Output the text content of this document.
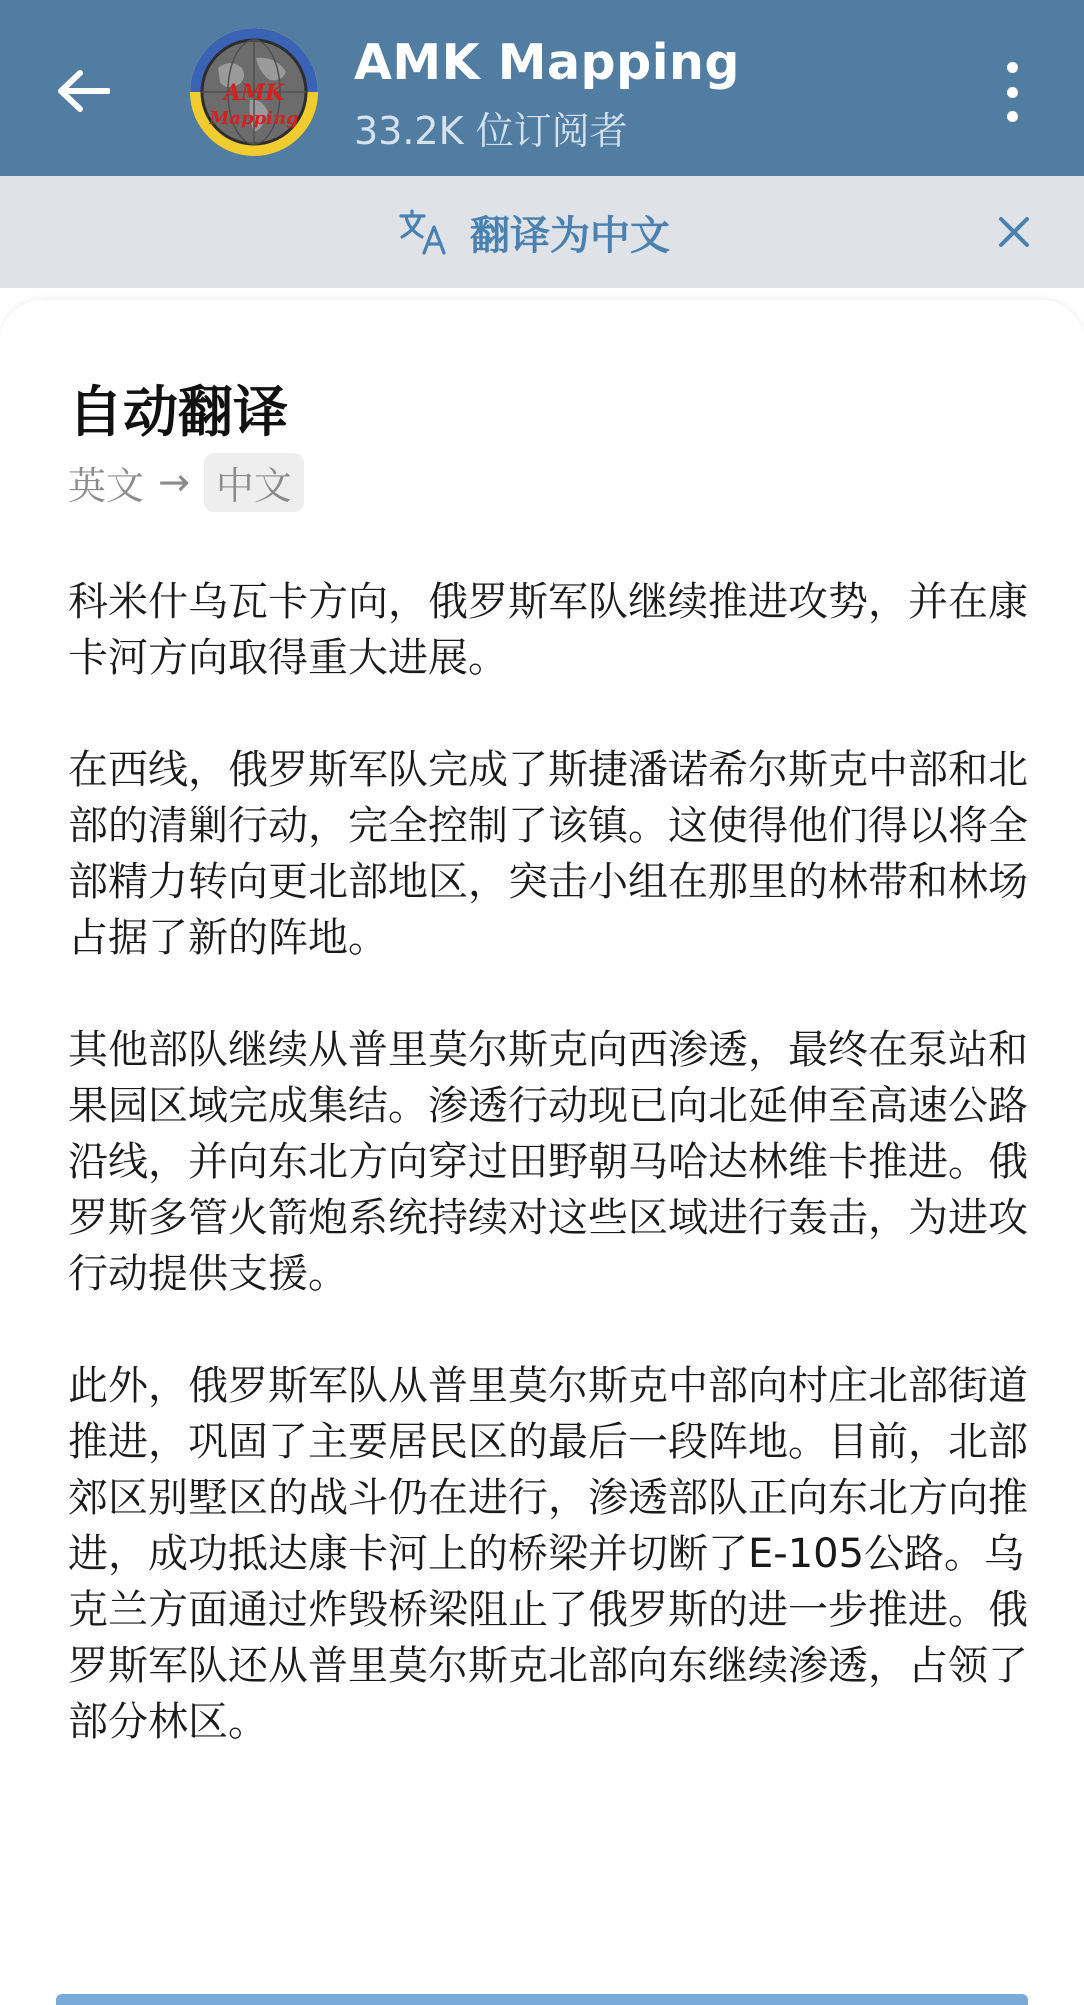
AMK
Mapping
AMK Mapping
33.2K 位订阅者
翻译为中文
自动翻译
英文 → 中文

科米什乌瓦卡方向，俄罗斯军队继续推进攻势，并在康卡河方向取得重大进展。

在西线，俄罗斯军队完成了斯捷潘诺希尔斯克中部和北部的清剿行动，完全控制了该镇。这使得他们得以将全部精力转向更北部地区，突击小组在那里的林带和林场占据了新的阵地。

其他部队继续从普里莫尔斯克向西渗透，最终在泵站和果园区域完成集结。渗透行动现已向北延伸至高速公路沿线，并向东北方向穿过田野朝马哈达林维卡推进。俄罗斯多管火箭炮系统持续对这些区域进行轰击，为进攻行动提供支援。

此外，俄罗斯军队从普里莫尔斯克中部向村庄北部街道推进，巩固了主要居民区的最后一段阵地。目前，北部郊区别墅区的战斗仍在进行，渗透部队正向东北方向推进，成功抵达康卡河上的桥梁并切断了E-105公路。乌克兰方面通过炸毁桥梁阻止了俄罗斯的进一步推进。俄罗斯军队还从普里莫尔斯克北部向东继续渗透，占领了部分林区。
